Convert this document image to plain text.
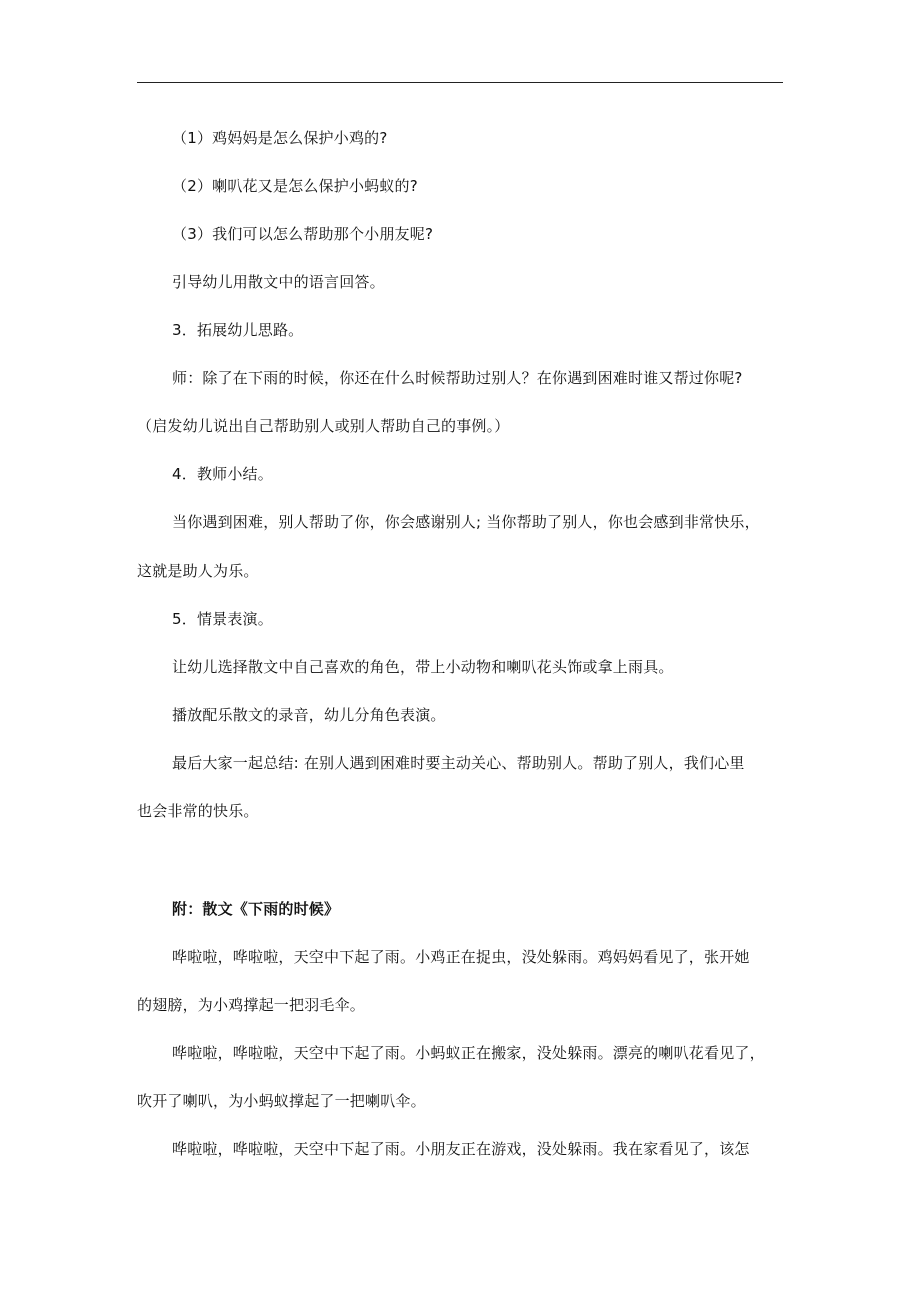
（1）鸡妈妈是怎么保护小鸡的?
（2）喇叭花又是怎么保护小蚂蚁的?
（3）我们可以怎么帮助那个小朋友呢?
引导幼儿用散文中的语言回答。
3．拓展幼儿思路。
师：除了在下雨的时候，你还在什么时候帮助过别人？在你遇到困难时谁又帮过你呢?
（启发幼儿说出自己帮助别人或别人帮助自己的事例。）
4．教师小结。
当你遇到困难，别人帮助了你，你会感谢别人; 当你帮助了别人，你也会感到非常快乐，
这就是助人为乐。
5．情景表演。
让幼儿选择散文中自己喜欢的角色，带上小动物和喇叭花头饰或拿上雨具。
播放配乐散文的录音，幼儿分角色表演。
最后大家一起总结: 在别人遇到困难时要主动关心、帮助别人。帮助了别人，我们心里
也会非常的快乐。
附：散文《下雨的时候》
哗啦啦，哗啦啦，天空中下起了雨。小鸡正在捉虫，没处躲雨。鸡妈妈看见了，张开她
的翅膀，为小鸡撑起一把羽毛伞。
哗啦啦，哗啦啦，天空中下起了雨。小蚂蚁正在搬家，没处躲雨。漂亮的喇叭花看见了，
吹开了喇叭，为小蚂蚁撑起了一把喇叭伞。
哗啦啦，哗啦啦，天空中下起了雨。小朋友正在游戏，没处躲雨。我在家看见了，该怎
